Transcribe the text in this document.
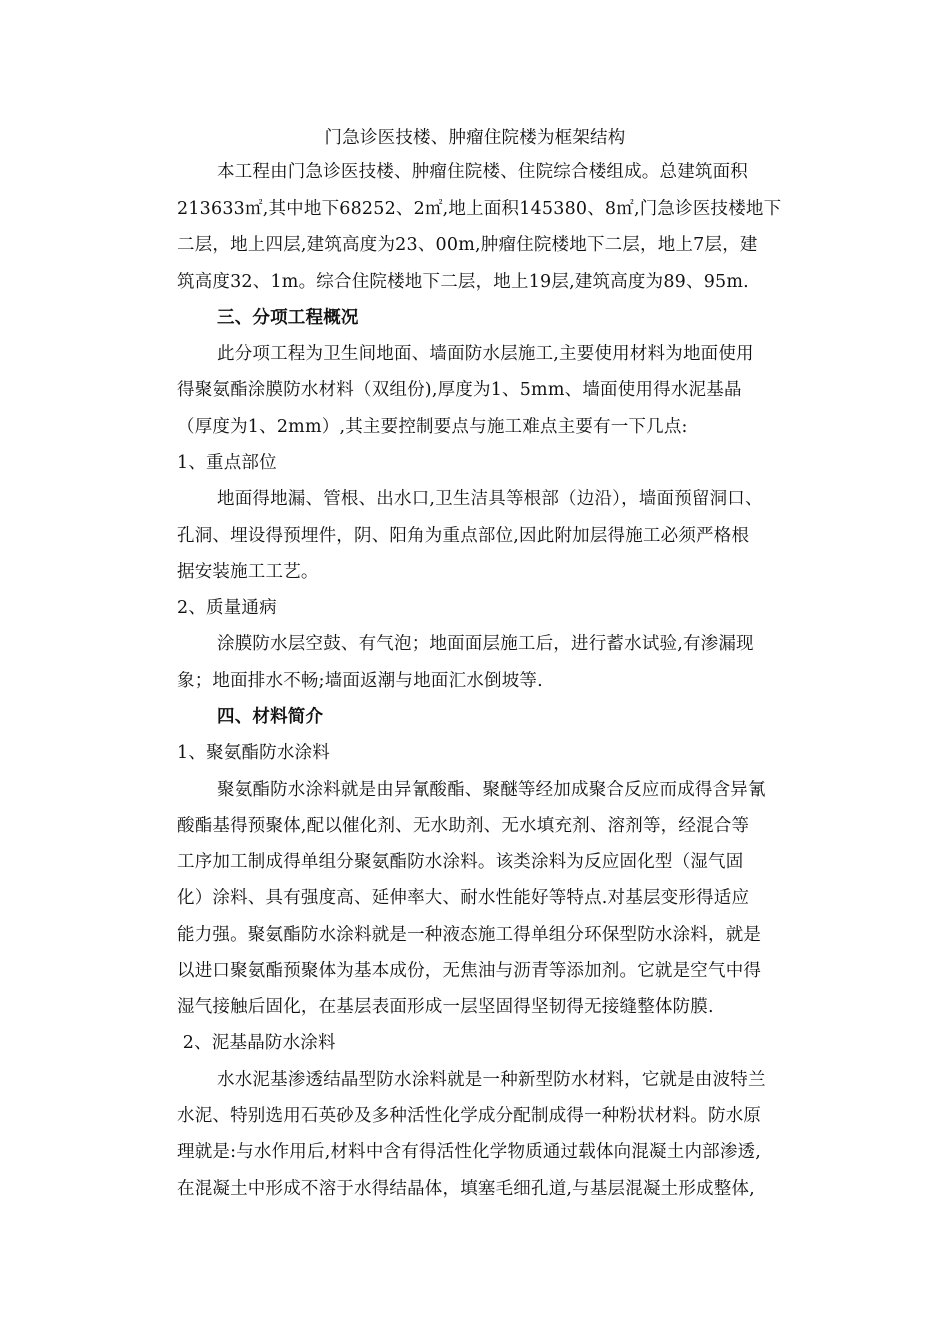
门急诊医技楼、肿瘤住院楼为框架结构
本工程由门急诊医技楼、肿瘤住院楼、住院综合楼组成。总建筑面积
213633㎡,其中地下68252、2㎡,地上面积145380、8㎡,门急诊医技楼地下
二层，地上四层,建筑高度为23、00m,肿瘤住院楼地下二层，地上7层，建
筑高度32、1m。综合住院楼地下二层，地上19层,建筑高度为89、95m.
三、分项工程概况
此分项工程为卫生间地面、墙面防水层施工,主要使用材料为地面使用
得聚氨酯涂膜防水材料（双组份),厚度为1、5mm、墙面使用得水泥基晶
（厚度为1、2mm）,其主要控制要点与施工难点主要有一下几点:
1、重点部位
地面得地漏、管根、出水口,卫生洁具等根部（边沿），墙面预留洞口、
孔洞、埋设得预埋件，阴、阳角为重点部位,因此附加层得施工必须严格根
据安装施工工艺。
2、质量通病
涂膜防水层空鼓、有气泡；地面面层施工后，进行蓄水试验,有渗漏现
象；地面排水不畅;墙面返潮与地面汇水倒坡等.
四、材料简介
1、聚氨酯防水涂料
聚氨酯防水涂料就是由异氰酸酯、聚醚等经加成聚合反应而成得含异氰
酸酯基得预聚体,配以催化剂、无水助剂、无水填充剂、溶剂等，经混合等
工序加工制成得单组分聚氨酯防水涂料。该类涂料为反应固化型（湿气固
化）涂料、具有强度高、延伸率大、耐水性能好等特点.对基层变形得适应
能力强。聚氨酯防水涂料就是一种液态施工得单组分环保型防水涂料，就是
以进口聚氨酯预聚体为基本成份，无焦油与沥青等添加剂。它就是空气中得
湿气接触后固化，在基层表面形成一层坚固得坚韧得无接缝整体防膜.
2、泥基晶防水涂料
水水泥基渗透结晶型防水涂料就是一种新型防水材料，它就是由波特兰
水泥、特别选用石英砂及多种活性化学成分配制成得一种粉状材料。防水原
理就是:与水作用后,材料中含有得活性化学物质通过载体向混凝土内部渗透,
在混凝土中形成不溶于水得结晶体，填塞毛细孔道,与基层混凝土形成整体,
